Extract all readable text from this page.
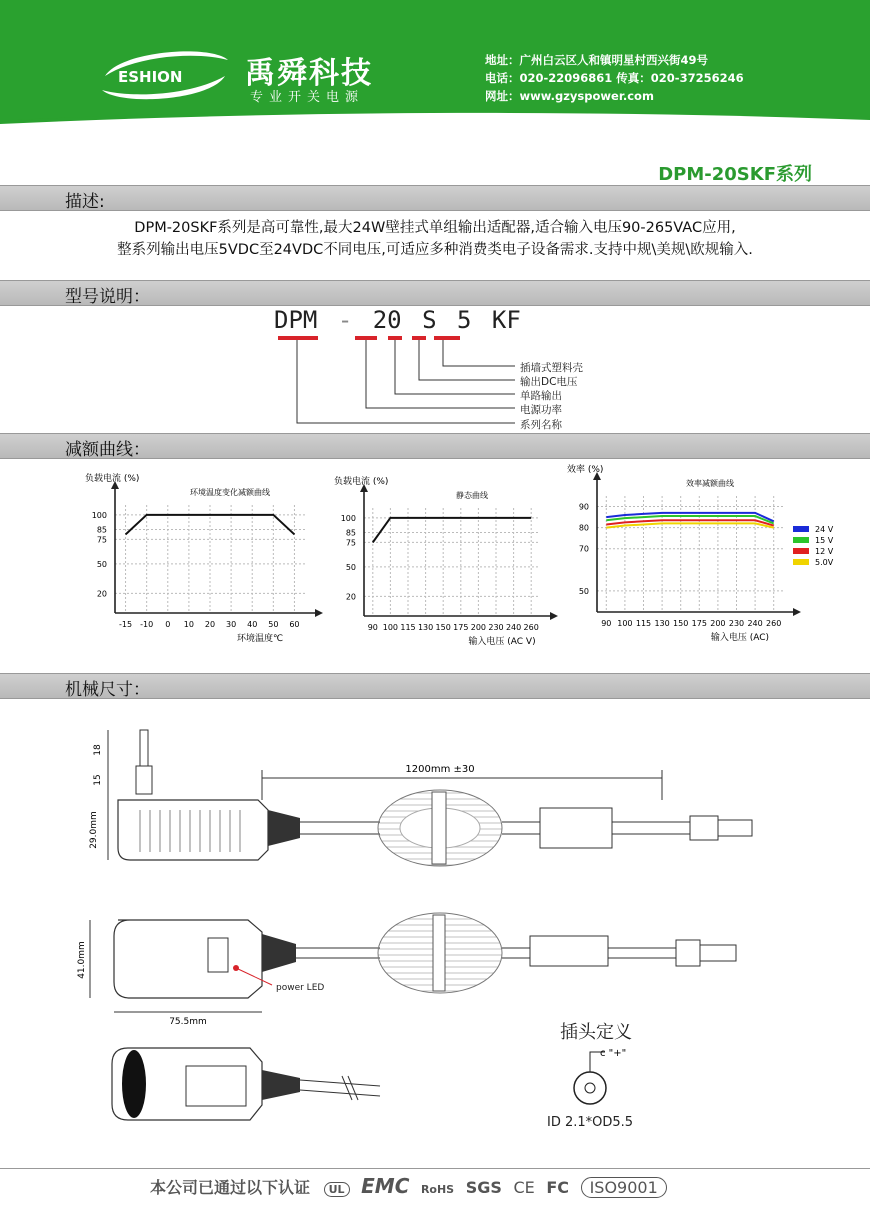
ESHION 禹舜科技
专业开关电源
地址：广州白云区人和镇明星村西兴街49号
电话：020-22096861 传真：020-37256246
网址：www.gzyspower.com
DPM-20SKF系列
描述:
DPM-20SKF系列是高可靠性,最大24W壁挂式单组输出适配器,适合输入电压90-265VAC应用,
整系列输出电压5VDC至24VDC不同电压,可适应多种消费类电子设备需求.支持中规\美规\欧规输入.
型号说明：
DPM - 20 S 5 KF
插墙式塑料壳
输出DC电压
单路输出
电源功率
系列名称
减额曲线：
-15 -10 0 10 20 30 40 50 60
20
50
75
85
100
负载电流 (%)
环境温度变化减额曲线
环境温度℃
90 100 115 130 150 175 200 230 240 260
20
50
75
85
100
负载电流 (%)
静态曲线
输入电压 (AC V)
90 100 115 130 150 175 200 230 240 260
50
70
80
90
效率 (%)
效率减额曲线
输入电压 (AC)
24 V
15 V
12 V
5.0V
机械尺寸：
1200mm ±30
18
15
29.0mm
power LED
41.0mm
75.5mm
c "+"
插头定义
ID 2.1*OD5.5
本公司已通过以下认证 UL EMC RoHS SGS CE FC ISO9001
